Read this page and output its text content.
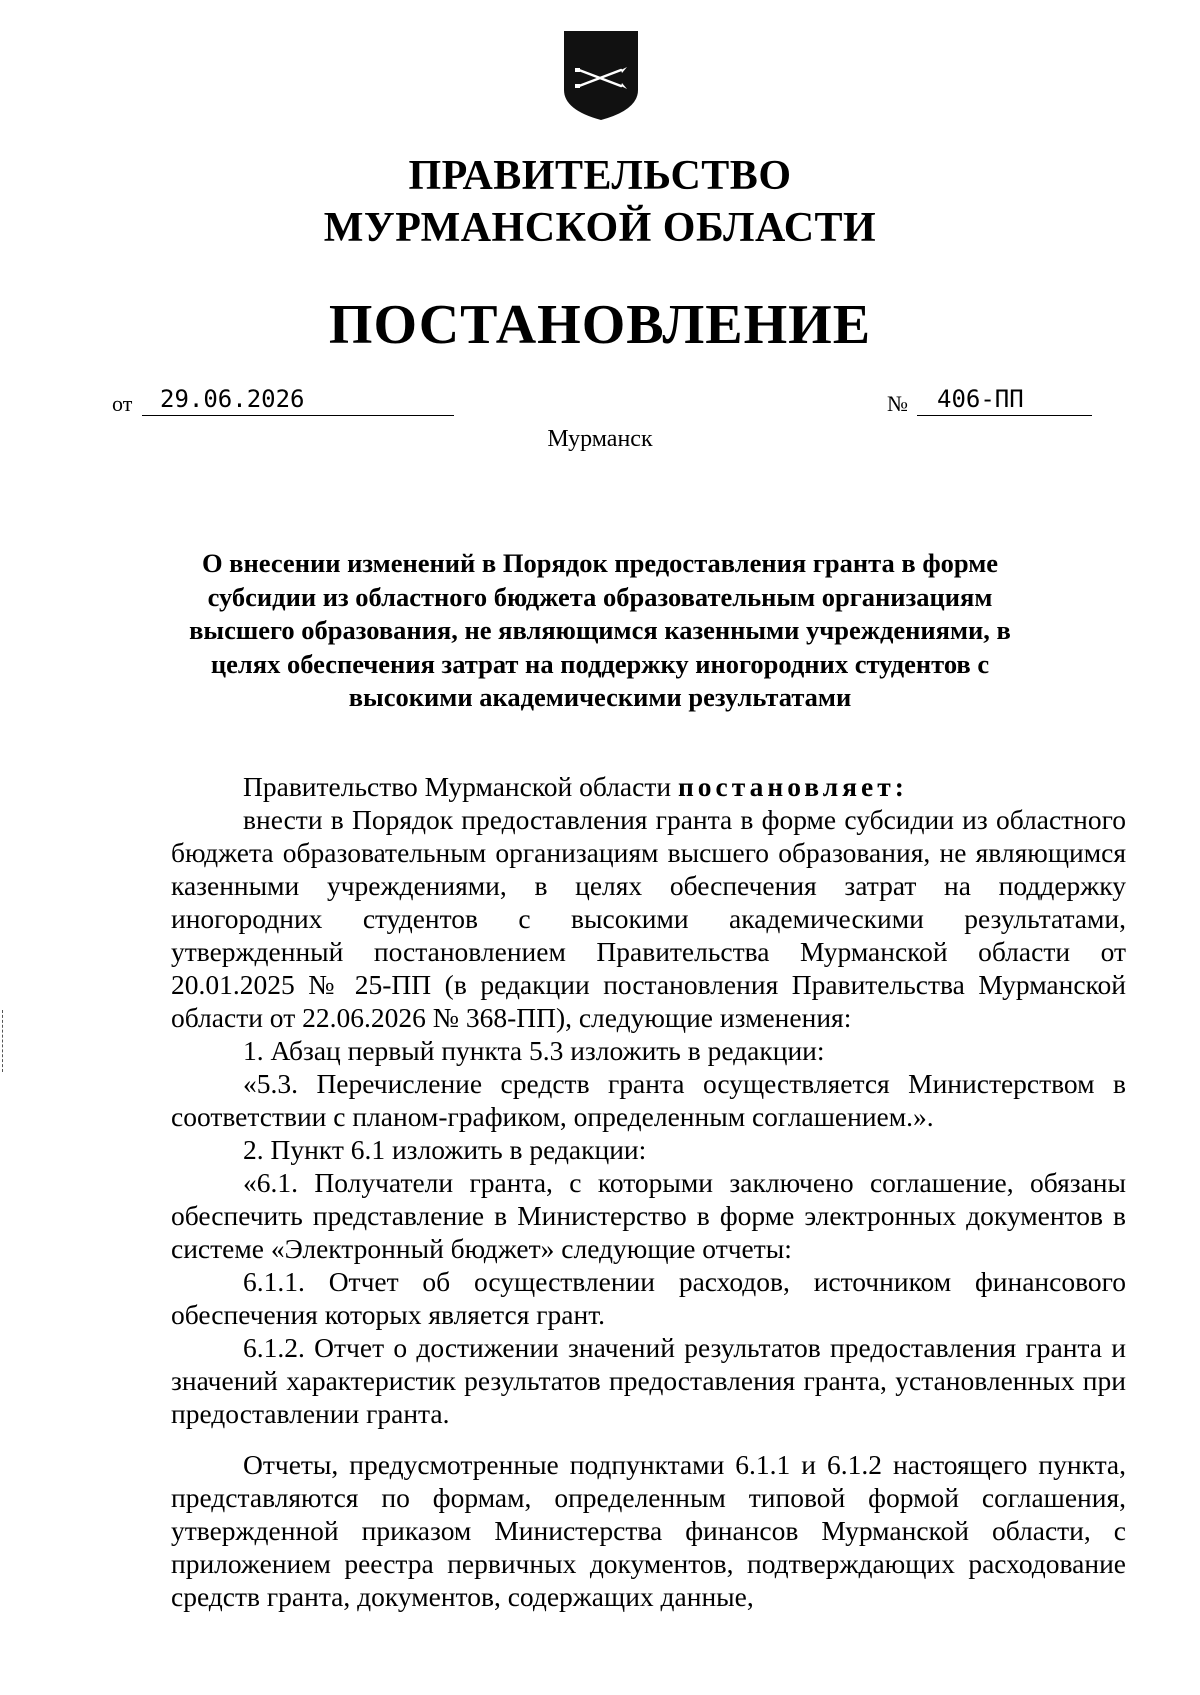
ПРАВИТЕЛЬСТВО
МУРМАНСКОЙ ОБЛАСТИ
ПОСТАНОВЛЕНИЕ
от 29.06.2026	№ 406-ПП
Мурманск
О внесении изменений в Порядок предоставления гранта в форме субсидии из областного бюджета образовательным организациям высшего образования, не являющимся казенными учреждениями, в целях обеспечения затрат на поддержку иногородних студентов с высокими академическими результатами

Правительство Мурманской области постановляет:

внести в Порядок предоставления гранта в форме субсидии из областного бюджета образовательным организациям высшего образования, не являющимся казенными учреждениями, в целях обеспечения затрат на поддержку иногородних студентов с высокими академическими результатами, утвержденный постановлением Правительства Мурманской области от 20.01.2025 № 25-ПП (в редакции постановления Правительства Мурманской области от 22.06.2026 № 368-ПП), следующие изменения:

1. Абзац первый пункта 5.3 изложить в редакции:

«5.3. Перечисление средств гранта осуществляется Министерством в соответствии с планом-графиком, определенным соглашением.».

2. Пункт 6.1 изложить в редакции:

«6.1. Получатели гранта, с которыми заключено соглашение, обязаны обеспечить представление в Министерство в форме электронных документов в системе «Электронный бюджет» следующие отчеты:

6.1.1. Отчет об осуществлении расходов, источником финансового обеспечения которых является грант.

6.1.2. Отчет о достижении значений результатов предоставления гранта и значений характеристик результатов предоставления гранта, установленных при предоставлении гранта.

Отчеты, предусмотренные подпунктами 6.1.1 и 6.1.2 настоящего пункта, представляются по формам, определенным типовой формой соглашения, утвержденной приказом Министерства финансов Мурманской области, с приложением реестра первичных документов, подтверждающих расходование средств гранта, документов, содержащих данные,
